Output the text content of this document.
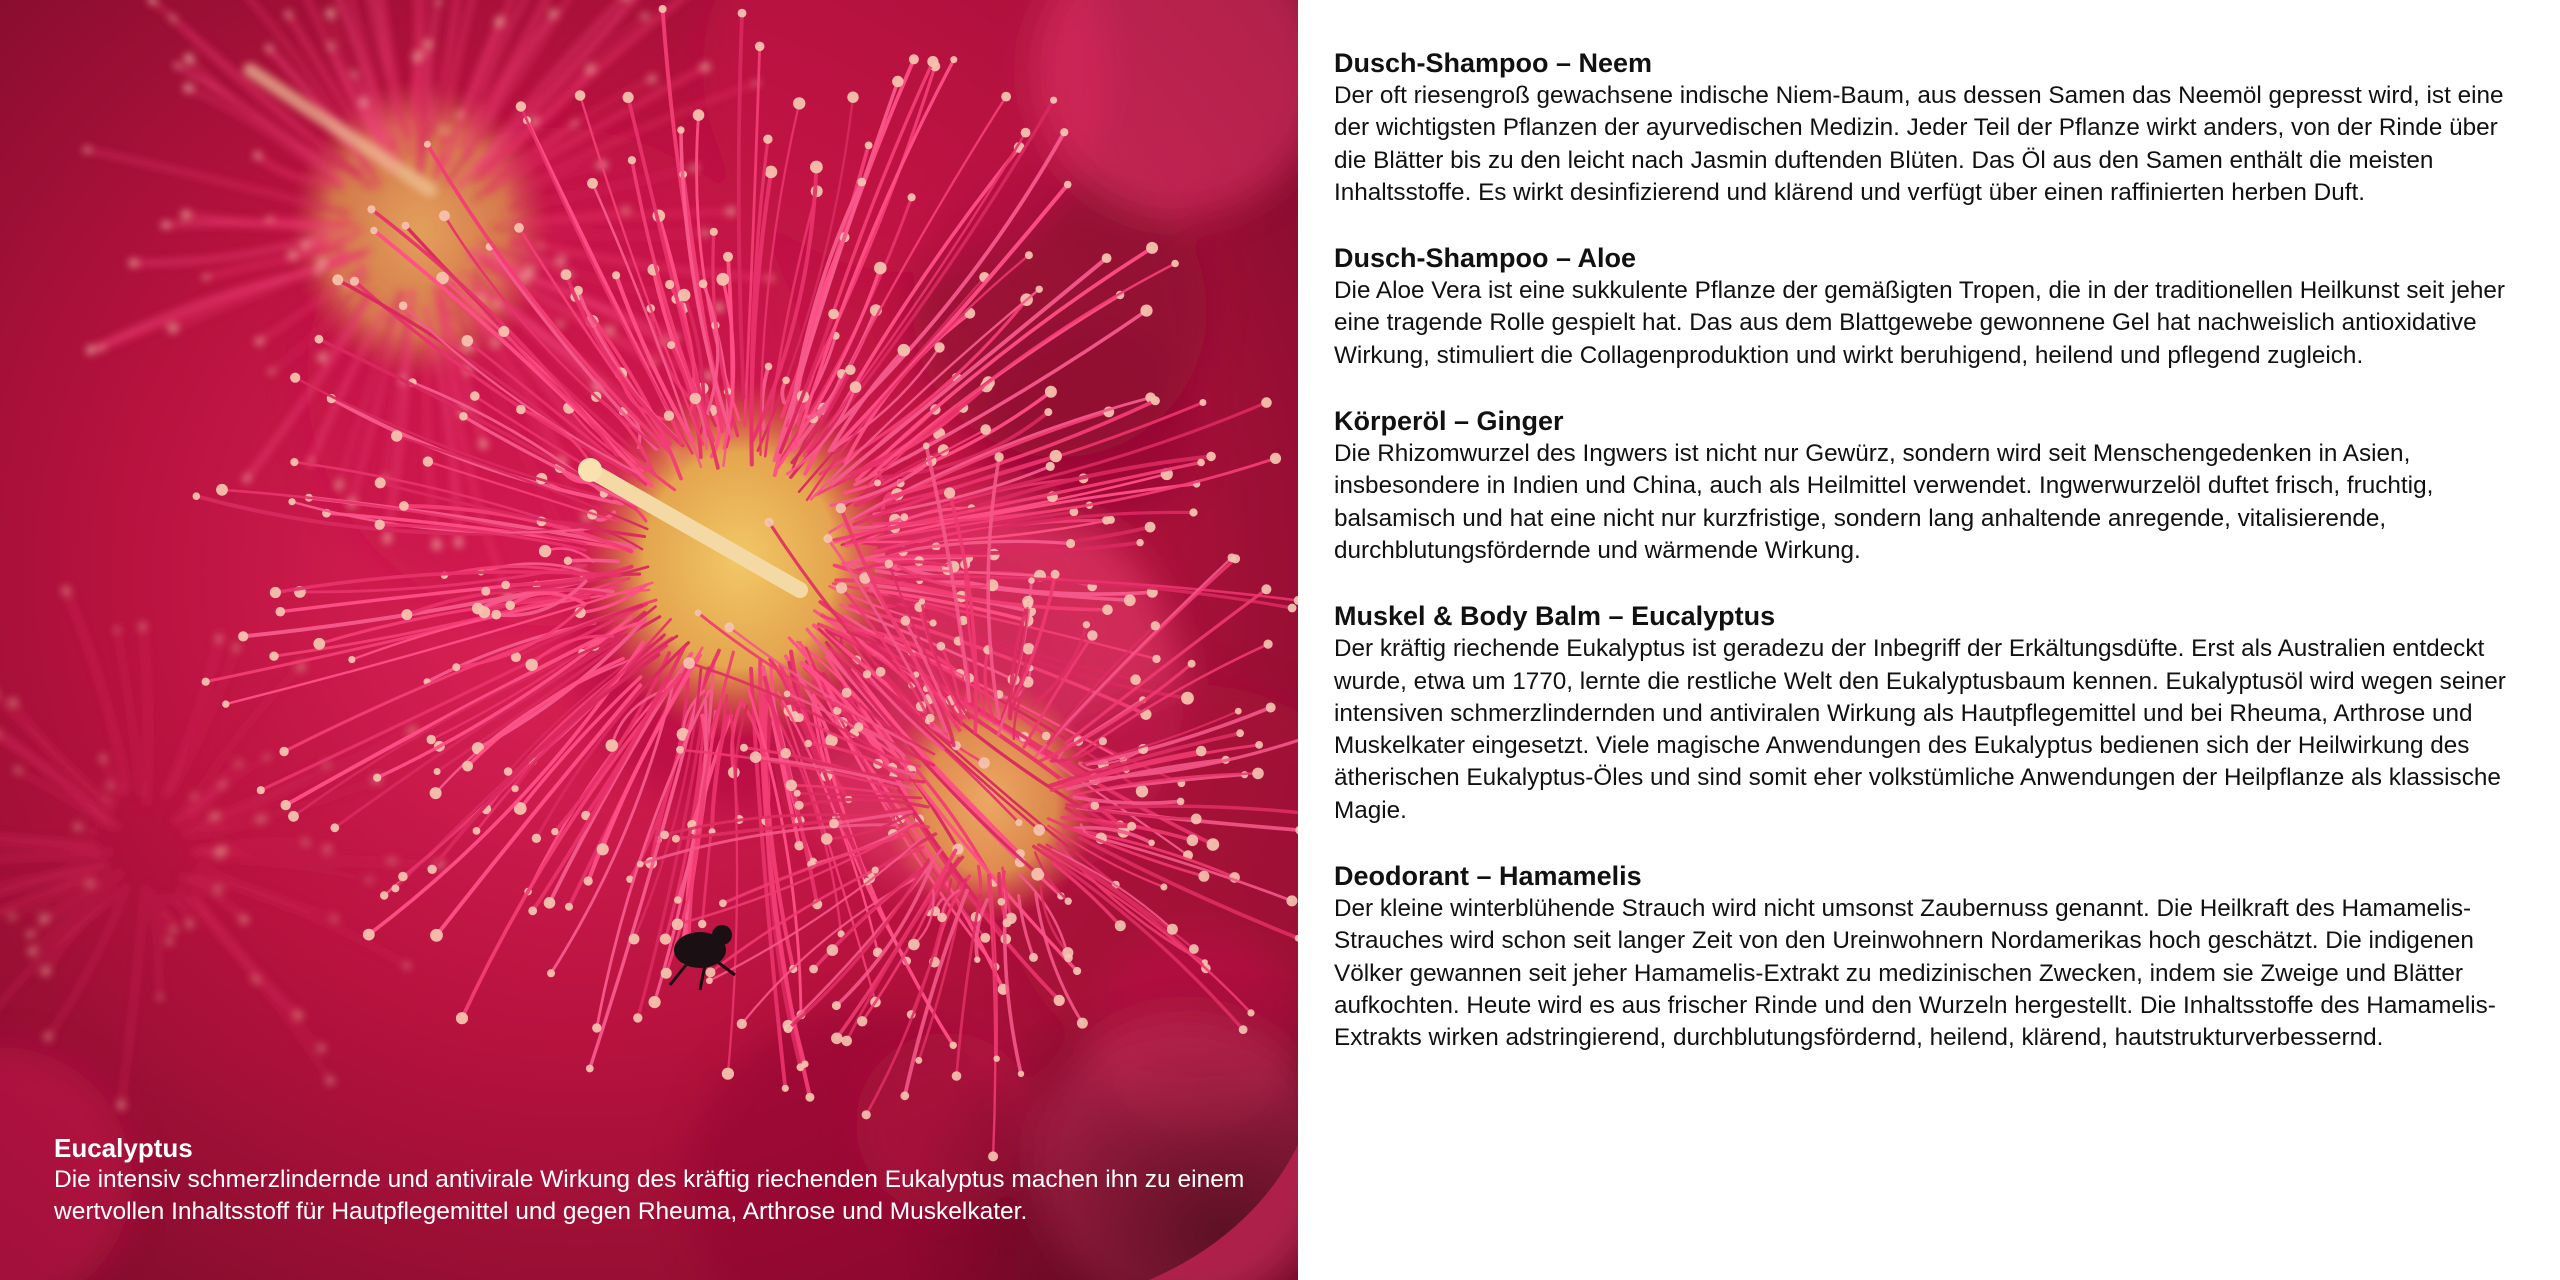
Eucalyptus
Die intensiv schmerzlindernde und antivirale Wirkung des kräftig riechenden Eukalyptus machen ihn zu einem wertvollen Inhaltsstoff für Hautpflegemittel und gegen Rheuma, Arthrose und Muskelkater.
Dusch-Shampoo – Neem
Der oft riesengroß gewachsene indische Niem-Baum, aus dessen Samen das Neemöl gepresst wird, ist eine der wichtigsten Pflanzen der ayurvedischen Medizin. Jeder Teil der Pflanze wirkt anders, von der Rinde über die Blätter bis zu den leicht nach Jasmin duftenden Blüten. Das Öl aus den Samen enthält die meisten Inhaltsstoffe. Es wirkt desinfizierend und klärend und verfügt über einen raffinierten herben Duft.
Dusch-Shampoo – Aloe
Die Aloe Vera ist eine sukkulente Pflanze der gemäßigten Tropen, die in der traditionellen Heilkunst seit jeher eine tragende Rolle gespielt hat. Das aus dem Blattgewebe gewonnene Gel hat nachweislich antioxidative Wirkung, stimuliert die Collagenproduktion und wirkt beruhigend, heilend und pflegend zugleich.
Körperöl – Ginger
Die Rhizomwurzel des Ingwers ist nicht nur Gewürz, sondern wird seit Menschengedenken in Asien, insbesondere in Indien und China, auch als Heilmittel verwendet. Ingwerwurzelöl duftet frisch, fruchtig, balsamisch und hat eine nicht nur kurzfristige, sondern lang anhaltende anregende, vitalisierende, durchblutungsfördernde und wärmende Wirkung.
Muskel & Body Balm – Eucalyptus
Der kräftig riechende Eukalyptus ist geradezu der Inbegriff der Erkältungsdüfte. Erst als Australien entdeckt wurde, etwa um 1770, lernte die restliche Welt den Eukalyptusbaum kennen. Eukalyptusöl wird wegen seiner intensiven schmerzlindernden und antiviralen Wirkung als Hautpflegemittel und bei Rheuma, Arthrose und Muskelkater eingesetzt. Viele magische Anwendungen des Eukalyptus bedienen sich der Heilwirkung des ätherischen Eukalyptus-Öles und sind somit eher volkstümliche Anwendungen der Heilpflanze als klassische Magie.
Deodorant – Hamamelis
Der kleine winterblühende Strauch wird nicht umsonst Zaubernuss genannt. Die Heilkraft des Hamamelis-Strauches wird schon seit langer Zeit von den Ureinwohnern Nordamerikas hoch geschätzt. Die indigenen Völker gewannen seit jeher Hamamelis-Extrakt zu medizinischen Zwecken, indem sie Zweige und Blätter aufkochten. Heute wird es aus frischer Rinde und den Wurzeln hergestellt. Die Inhaltsstoffe des Hamamelis-Extrakts wirken adstringierend, durchblutungsfördernd, heilend, klärend, hautstrukturverbessernd.
